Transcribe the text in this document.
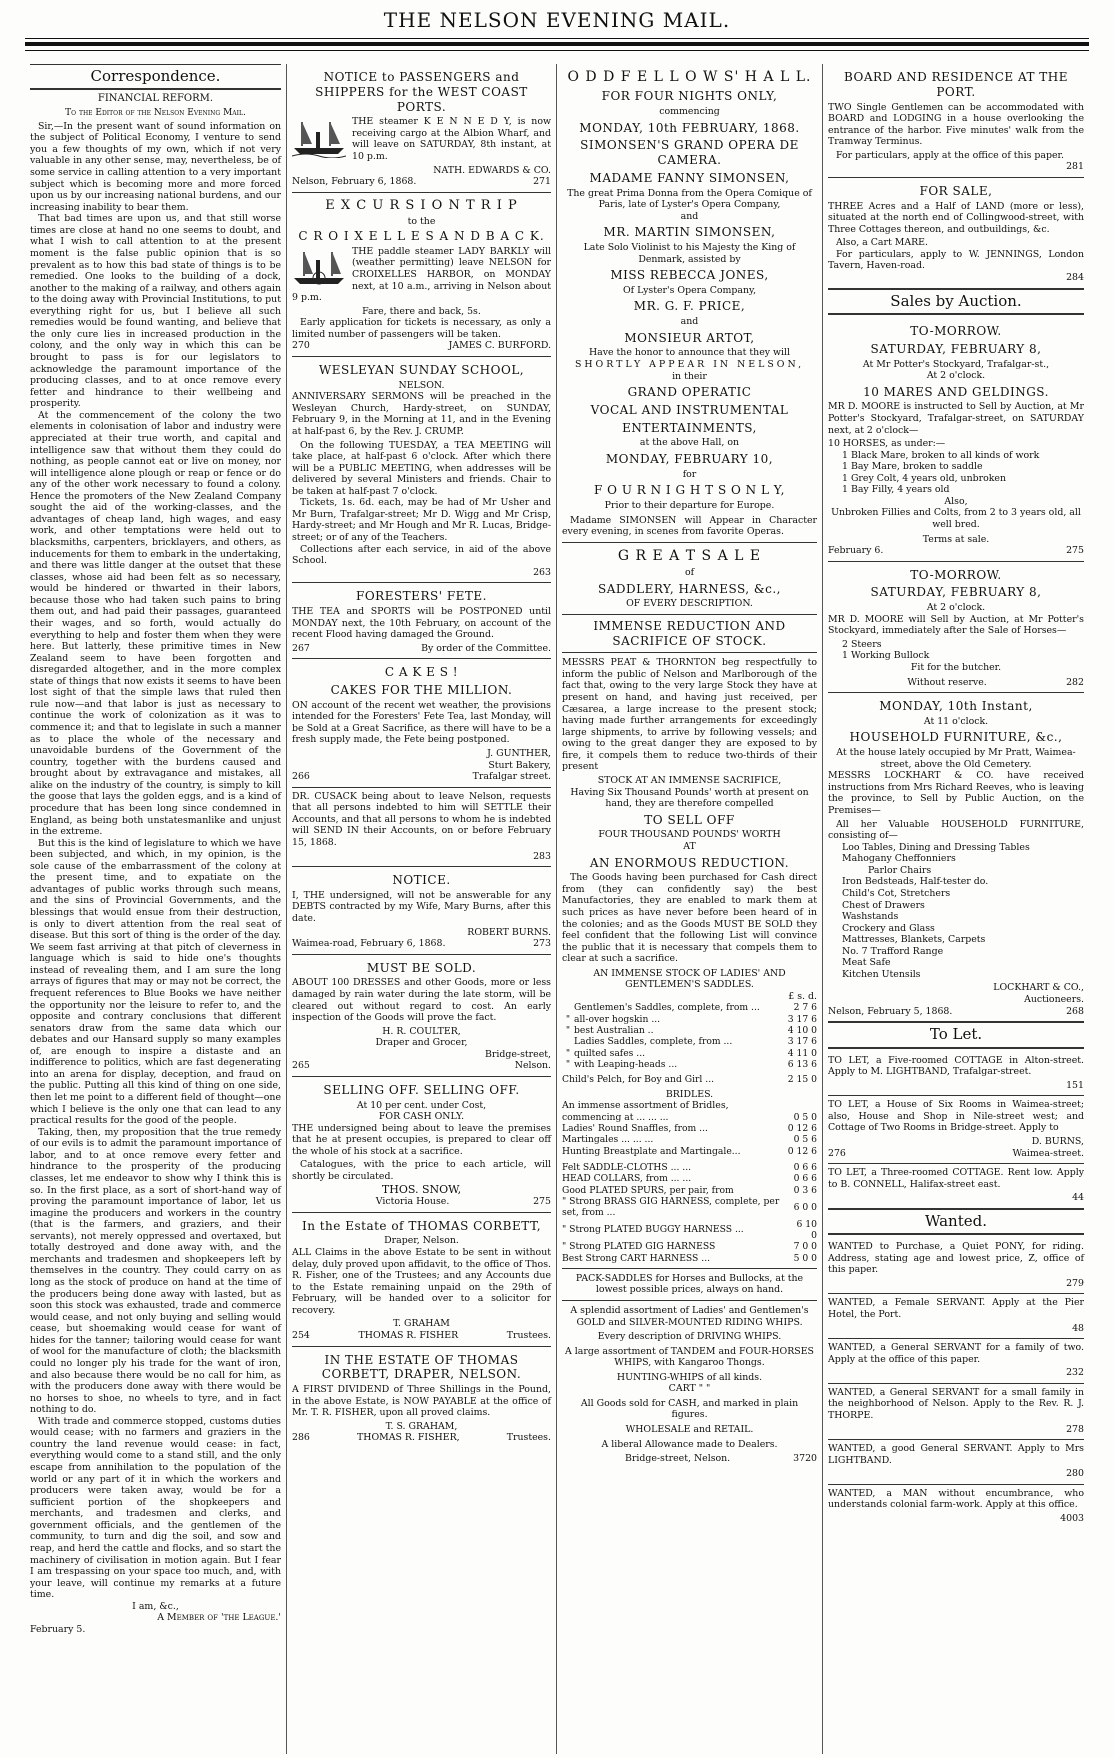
THE NELSON EVENING MAIL.
Correspondence.
FINANCIAL REFORM.
To the Editor of the Nelson Evening Mail.

Sir,—In the present want of sound information on the subject of Political Economy, I venture to send you a few thoughts of my own, which if not very valuable in any other sense, may, nevertheless, be of some service in calling attention to a very important subject which is becoming more and more forced upon us by our increasing national burdens, and our increasing inability to bear them.

That bad times are upon us, and that still worse times are close at hand no one seems to doubt, and what I wish to call attention to at the present moment is the false public opinion that is so prevalent as to how this bad state of things is to be remedied. One looks to the building of a dock, another to the making of a railway, and others again to the doing away with Provincial Institutions, to put everything right for us, but I believe all such remedies would be found wanting, and believe that the only cure lies in increased production in the colony, and the only way in which this can be brought to pass is for our legislators to acknowledge the paramount importance of the producing classes, and to at once remove every fetter and hindrance to their wellbeing and prosperity.

At the commencement of the colony the two elements in colonisation of labor and industry were appreciated at their true worth, and capital and intelligence saw that without them they could do nothing, as people cannot eat or live on money, nor will intelligence alone plough or reap or fence or do any of the other work necessary to found a colony. Hence the promoters of the New Zealand Company sought the aid of the working-classes, and the advantages of cheap land, high wages, and easy work, and other temptations were held out to blacksmiths, carpenters, bricklayers, and others, as inducements for them to embark in the undertaking, and there was little danger at the outset that these classes, whose aid had been felt as so necessary, would be hindered or thwarted in their labors, because those who had taken such pains to bring them out, and had paid their passages, guaranteed their wages, and so forth, would actually do everything to help and foster them when they were here. But latterly, these primitive times in New Zealand seem to have been forgotten and disregarded altogether, and in the more complex state of things that now exists it seems to have been lost sight of that the simple laws that ruled then rule now—and that labor is just as necessary to continue the work of colonization as it was to commence it; and that to legislate in such a manner as to place the whole of the necessary and unavoidable burdens of the Government of the country, together with the burdens caused and brought about by extravagance and mistakes, all alike on the industry of the country, is simply to kill the goose that lays the golden eggs, and is a kind of procedure that has been long since condemned in England, as being both unstatesmanlike and unjust in the extreme.

But this is the kind of legislature to which we have been subjected, and which, in my opinion, is the sole cause of the embarrassment of the colony at the present time, and to expatiate on the advantages of public works through such means, and the sins of Provincial Governments, and the blessings that would ensue from their destruction, is only to divert attention from the real seat of disease. But this sort of thing is the order of the day. We seem fast arriving at that pitch of cleverness in language which is said to hide one's thoughts instead of revealing them, and I am sure the long arrays of figures that may or may not be correct, the frequent references to Blue Books we have neither the opportunity nor the leisure to refer to, and the opposite and contrary conclusions that different senators draw from the same data which our debates and our Hansard supply so many examples of, are enough to inspire a distaste and an indifference to politics, which are fast degenerating into an arena for display, deception, and fraud on the public. Putting all this kind of thing on one side, then let me point to a different field of thought—one which I believe is the only one that can lead to any practical results for the good of the people.

Taking, then, my proposition that the true remedy of our evils is to admit the paramount importance of labor, and to at once remove every fetter and hindrance to the prosperity of the producing classes, let me endeavor to show why I think this is so. In the first place, as a sort of short-hand way of proving the paramount importance of labor, let us imagine the producers and workers in the country (that is the farmers, and graziers, and their servants), not merely oppressed and overtaxed, but totally destroyed and done away with, and the merchants and tradesmen and shopkeepers left by themselves in the country. They could carry on as long as the stock of produce on hand at the time of the producers being done away with lasted, but as soon this stock was exhausted, trade and commerce would cease, and not only buying and selling would cease, but shoemaking would cease for want of hides for the tanner; tailoring would cease for want of wool for the manufacture of cloth; the blacksmith could no longer ply his trade for the want of iron, and also because there would be no call for him, as with the producers done away with there would be no horses to shoe, no wheels to tyre, and in fact nothing to do.

With trade and commerce stopped, customs duties would cease; with no farmers and graziers in the country the land revenue would cease: in fact, everything would come to a stand still, and the only escape from annihilation to the population of the world or any part of it in which the workers and producers were taken away, would be for a sufficient portion of the shopkeepers and merchants, and tradesmen and clerks, and government officials, and the gentlemen of the community, to turn and dig the soil, and sow and reap, and herd the cattle and flocks, and so start the machinery of civilisation in motion again. But I fear I am trespassing on your space too much, and, with your leave, will continue my remarks at a future time.

I am, &c.,
A Member of 'the League.'
February 5.
NOTICE to PASSENGERS and SHIPPERS for the WEST COAST PORTS.

THE steamer K E N N E D Y, is now receiving cargo at the Albion Wharf, and will leave on SATURDAY, 8th instant, at 10 p.m.

NATH. EDWARDS & CO.
Nelson, February 6, 1868.	271
E X C U R S I O N T R I P
to the
C R O I X E L L E S A N D B A C K.

THE paddle steamer LADY BARKLY will (weather permitting) leave NELSON for CROIXELLES HARBOR, on MONDAY next, at 10 a.m., arriving in Nelson about 9 p.m.

Fare, there and back, 5s.

Early application for tickets is necessary, as only a limited number of passengers will be taken.

270	JAMES C. BURFORD.
WESLEYAN SUNDAY SCHOOL,
NELSON.

ANNIVERSARY SERMONS will be preached in the Wesleyan Church, Hardy-street, on SUNDAY, February 9, in the Morning at 11, and in the Evening at half-past 6, by the Rev. J. CRUMP.

On the following TUESDAY, a TEA MEETING will take place, at half-past 6 o'clock. After which there will be a PUBLIC MEETING, when addresses will be delivered by several Ministers and friends. Chair to be taken at half-past 7 o'clock.

Tickets, 1s. 6d. each, may be had of Mr Usher and Mr Burn, Trafalgar-street; Mr D. Wigg and Mr Crisp, Hardy-street; and Mr Hough and Mr R. Lucas, Bridge-street; or of any of the Teachers.

Collections after each service, in aid of the above School.

263
FORESTERS' FETE.

THE TEA and SPORTS will be POSTPONED until MONDAY next, the 10th February, on account of the recent Flood having damaged the Ground.

267	By order of the Committee.
C A K E S !
CAKES FOR THE MILLION.

ON account of the recent wet weather, the provisions intended for the Foresters' Fete Tea, last Monday, will be Sold at a Great Sacrifice, as there will have to be a fresh supply made, the Fete being postponed.

J. GUNTHER,
Sturt Bakery,
266	Trafalgar street.

DR. CUSACK being about to leave Nelson, requests that all persons indebted to him will SETTLE their Accounts, and that all persons to whom he is indebted will SEND IN their Accounts, on or before February 15, 1868.

283
NOTICE.

I, THE undersigned, will not be answerable for any DEBTS contracted by my Wife, Mary Burns, after this date.

ROBERT BURNS.
Waimea-road, February 6, 1868.	273
MUST BE SOLD.

ABOUT 100 DRESSES and other Goods, more or less damaged by rain water during the late storm, will be cleared out without regard to cost. An early inspection of the Goods will prove the fact.

H. R. COULTER,
Draper and Grocer,
Bridge-street,
265	Nelson.
SELLING OFF. SELLING OFF.
At 10 per cent. under Cost,
FOR CASH ONLY.

THE undersigned being about to leave the premises that he at present occupies, is prepared to clear off the whole of his stock at a sacrifice.

Catalogues, with the price to each article, will shortly be circulated.

THOS. SNOW,
Victoria House.	275
In the Estate of THOMAS CORBETT,
Draper, Nelson.

ALL Claims in the above Estate to be sent in without delay, duly proved upon affidavit, to the office of Thos. R. Fisher, one of the Trustees; and any Accounts due to the Estate remaining unpaid on the 29th of February, will be handed over to a solicitor for recovery.

T. GRAHAM
254	THOMAS R. FISHER	Trustees.
IN THE ESTATE OF THOMAS CORBETT, DRAPER, NELSON.

A FIRST DIVIDEND of Three Shillings in the Pound, in the above Estate, is NOW PAYABLE at the office of Mr. T. R. FISHER, upon all proved claims.

T. S. GRAHAM,
286	THOMAS R. FISHER,	Trustees.
O D D F E L L O W S' H A L L.
FOR FOUR NIGHTS ONLY,
commencing
MONDAY, 10th FEBRUARY, 1868.
SIMONSEN'S GRAND OPERA DE CAMERA.
MADAME FANNY SIMONSEN,
The great Prima Donna from the Opera Comique of Paris, late of Lyster's Opera Company,
and
MR. MARTIN SIMONSEN,
Late Solo Violinist to his Majesty the King of Denmark, assisted by
MISS REBECCA JONES,
Of Lyster's Opera Company,
MR. G. F. PRICE,
and
MONSIEUR ARTOT,
Have the honor to announce that they will
SHORTLY APPEAR IN NELSON,
in their
GRAND OPERATIC
VOCAL AND INSTRUMENTAL
ENTERTAINMENTS,
at the above Hall, on
MONDAY, FEBRUARY 10,
for
F O U R N I G H T S O N L Y,
Prior to their departure for Europe.

Madame SIMONSEN will Appear in Character every evening, in scenes from favorite Operas.

G R E A T S A L E
of
SADDLERY, HARNESS, &c.,
OF EVERY DESCRIPTION.
IMMENSE REDUCTION AND SACRIFICE OF STOCK.

MESSRS PEAT & THORNTON beg respectfully to inform the public of Nelson and Marlborough of the fact that, owing to the very large Stock they have at present on hand, and having just received, per Cæsarea, a large increase to the present stock; having made further arrangements for exceedingly large shipments, to arrive by following vessels; and owing to the great danger they are exposed to by fire, it compels them to reduce two-thirds of their present

STOCK AT AN IMMENSE SACRIFICE,
Having Six Thousand Pounds' worth at present on hand, they are therefore compelled
TO SELL OFF
FOUR THOUSAND POUNDS' WORTH
AT
AN ENORMOUS REDUCTION.

The Goods having been purchased for Cash direct from (they can confidently say) the best Manufactories, they are enabled to mark them at such prices as have never before been heard of in the colonies; and as the Goods MUST BE SOLD they feel confident that the following List will convince the public that it is necessary that compels them to clear at such a sacrifice.

AN IMMENSE STOCK OF LADIES' AND GENTLEMEN'S SADDLES.
£ s. d.
	Gentlemen's Saddles, complete, from ...	2 7 6
"	all-over hogskin ...	3 17 6
"	best Australian ..	4 10 0
	Ladies Saddles, complete, from ...	3 17 6
"	quilted safes ...	4 11 0
"	with Leaping-heads ...	6 13 6
Child's Pelch, for Boy and Girl ...	2 15 0
BRIDLES.
An immense assortment of Bridles,
commencing at ... ... ...	0 5 0
Ladies' Round Snaffles, from ...	0 12 6
Martingales ... ... ...	0 5 6
Hunting Breastplate and Martingale...	0 12 6
Felt SADDLE-CLOTHS ... ...	0 6 6
HEAD COLLARS, from ... ...	0 6 6
Good PLATED SPURS, per pair, from	0 3 6
" Strong BRASS GIG HARNESS, complete, per set, from ...	6 0 0
" Strong PLATED BUGGY HARNESS ...	6 10 0
" Strong PLATED GIG HARNESS	7 0 0
Best Strong CART HARNESS ...	5 0 0
PACK-SADDLES for Horses and Bullocks, at the lowest possible prices, always on hand.
A splendid assortment of Ladies' and Gentlemen's GOLD and SILVER-MOUNTED RIDING WHIPS.
Every description of DRIVING WHIPS.
A large assortment of TANDEM and FOUR-HORSES WHIPS, with Kangaroo Thongs.
HUNTING-WHIPS of all kinds.
CART " "
All Goods sold for CASH, and marked in plain figures.
WHOLESALE and RETAIL.
A liberal Allowance made to Dealers.
Bridge-street, Nelson.	3720
BOARD AND RESIDENCE AT THE PORT.

TWO Single Gentlemen can be accommodated with BOARD and LODGING in a house overlooking the entrance of the harbor. Five minutes' walk from the Tramway Terminus.

For particulars, apply at the office of this paper.

281
FOR SALE,

THREE Acres and a Half of LAND (more or less), situated at the north end of Collingwood-street, with Three Cottages thereon, and outbuildings, &c.

Also, a Cart MARE.

For particulars, apply to W. JENNINGS, London Tavern, Haven-road.

284
Sales by Auction.
TO-MORROW.
SATURDAY, FEBRUARY 8,
At Mr Potter's Stockyard, Trafalgar-st.,
At 2 o'clock.
10 MARES AND GELDINGS.

MR D. MOORE is instructed to Sell by Auction, at Mr Potter's Stockyard, Trafalgar-street, on SATURDAY next, at 2 o'clock—

10 HORSES, as under:—
1 Black Mare, broken to all kinds of work
1 Bay Mare, broken to saddle
1 Grey Colt, 4 years old, unbroken
1 Bay Filly, 4 years old
Also,
Unbroken Fillies and Colts, from 2 to 3 years old, all well bred.
Terms at sale.
February 6.	275
TO-MORROW.
SATURDAY, FEBRUARY 8,
At 2 o'clock.

MR D. MOORE will Sell by Auction, at Mr Potter's Stockyard, immediately after the Sale of Horses—

2 Steers
1 Working Bullock
Fit for the butcher.
Without reserve.	282
MONDAY, 10th Instant,
At 11 o'clock.
HOUSEHOLD FURNITURE, &c.,
At the house lately occupied by Mr Pratt, Waimea-street, above the Old Cemetery.

MESSRS LOCKHART & CO. have received instructions from Mrs Richard Reeves, who is leaving the province, to Sell by Public Auction, on the Premises—

All her Valuable HOUSEHOLD FURNITURE, consisting of—

Loo Tables, Dining and Dressing Tables
Mahogany Cheffonniers
Parlor Chairs
Iron Bedsteads, Half-tester do.
Child's Cot, Stretchers
Chest of Drawers
Washstands
Crockery and Glass
Mattresses, Blankets, Carpets
No. 7 Trafford Range
Meat Safe
Kitchen Utensils
LOCKHART & CO.,
Auctioneers.
Nelson, February 5, 1868.	268
To Let.

TO LET, a Five-roomed COTTAGE in Alton-street. Apply to M. LIGHTBAND, Trafalgar-street.

151

TO LET, a House of Six Rooms in Waimea-street; also, House and Shop in Nile-street west; and Cottage of Two Rooms in Bridge-street. Apply to

D. BURNS,
276	Waimea-street.

TO LET, a Three-roomed COTTAGE. Rent low. Apply to B. CONNELL, Halifax-street east.

44
Wanted.

WANTED to Purchase, a Quiet PONY, for riding. Address, stating age and lowest price, Z, office of this paper.

279

WANTED, a Female SERVANT. Apply at the Pier Hotel, the Port.

48

WANTED, a General SERVANT for a family of two. Apply at the office of this paper.

232

WANTED, a General SERVANT for a small family in the neighborhood of Nelson. Apply to the Rev. R. J. THORPE.

278

WANTED, a good General SERVANT. Apply to Mrs LIGHTBAND.

280

WANTED, a MAN without encumbrance, who understands colonial farm-work. Apply at this office.

4003
